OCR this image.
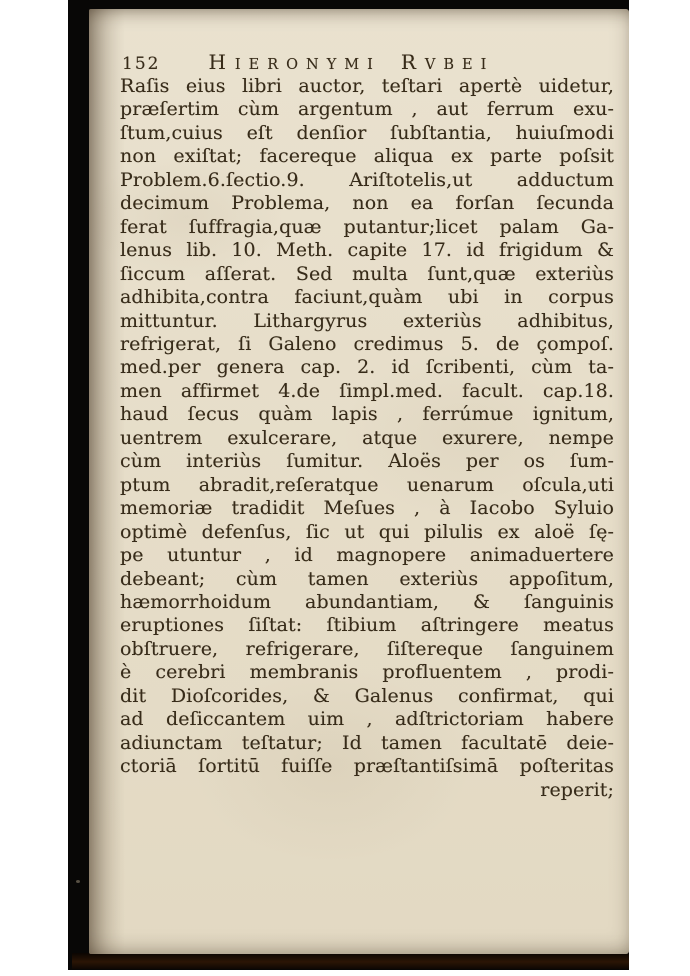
152 H IERONYMI R VBEI
Raſis eius libri auctor, teſtari apertè uidetur,
præſertim cùm argentum , aut ferrum exu-
ſtum,cuius eſt denſior ſubſtantia, huiuſmodi
non exiſtat; facereque aliqua ex parte poſsit
Problem.6.ſectio.9. Ariſtotelis,ut adductum
decimum Problema, non ea forſan ſecunda
ferat ſuffragia,quæ putantur;licet palam Ga-
lenus lib. 10. Meth. capite 17. id frigidum &
ſiccum aſſerat. Sed multa ſunt,quæ exteriùs
adhibita,contra faciunt,quàm ubi in corpus
mittuntur. Lithargyrus exteriùs adhibitus,
refrigerat, ſi Galeno credimus 5. de çompoſ.
med.per genera cap. 2. id ſcribenti, cùm ta-
men affirmet 4.de ſimpl.med. facult. cap.18.
haud ſecus quàm lapis , ferrúmue ignitum,
uentrem exulcerare, atque exurere, nempe
cùm interiùs ſumitur. Aloës per os ſum-
ptum abradit,reſeratque uenarum oſcula,uti
memoriæ tradidit Meſues , à Iacobo Syluio
optimè defenſus, ſic ut qui pilulis ex aloë ſę-
pe utuntur , id magnopere animaduertere
debeant; cùm tamen exteriùs appoſitum,
hæmorrhoidum abundantiam, & ſanguinis
eruptiones ſiſtat: ſtibium aſtringere meatus
obſtruere, refrigerare, ſiſtereque ſanguinem
è cerebri membranis profluentem , prodi-
dit Dioſcorides, & Galenus confirmat, qui
ad deſiccantem uim , adſtrictoriam habere
adiunctam teſtatur; Id tamen facultatē deie-
ctoriā ſortitū fuiſſe præſtantiſsimā poſteritas
reperit;
